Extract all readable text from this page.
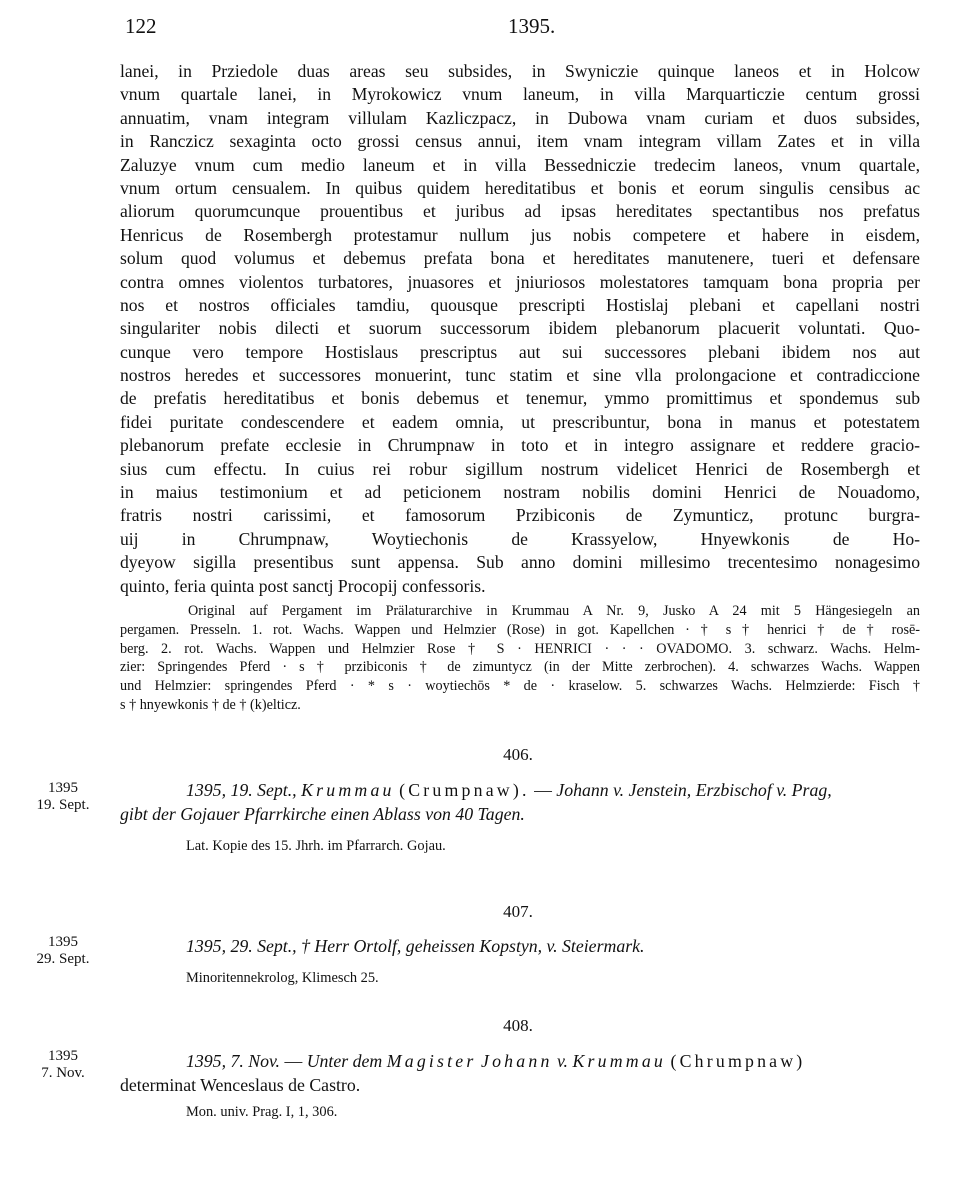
122	1395.
lanei, in Prziedole duas areas seu subsides, in Swyniczie quinque laneos et in Holcow
vnum quartale lanei, in Myrokowicz vnum laneum, in villa Marquarticzie centum grossi
annuatim, vnam integram villulam Kazliczpacz, in Dubowa vnam curiam et duos subsides,
in Ranczicz sexaginta octo grossi census annui, item vnam integram villam Zates et in villa
Zaluzye vnum cum medio laneum et in villa Bessedniczie tredecim laneos, vnum quartale,
vnum ortum censualem. In quibus quidem hereditatibus et bonis et eorum singulis censibus ac
aliorum quorumcunque prouentibus et juribus ad ipsas hereditates spectantibus nos prefatus
Henricus de Rosembergh protestamur nullum jus nobis competere et habere in eisdem,
solum quod volumus et debemus prefata bona et hereditates manutenere, tueri et defensare
contra omnes violentos turbatores, jnuasores et jniuriosos molestatores tamquam bona propria per
nos et nostros officiales tamdiu, quousque prescripti Hostislaj plebani et capellani nostri
singulariter nobis dilecti et suorum successorum ibidem plebanorum placuerit voluntati. Quo-
cunque vero tempore Hostislaus prescriptus aut sui successores plebani ibidem nos aut
nostros heredes et successores monuerint, tunc statim et sine vlla prolongacione et contradiccione
de prefatis hereditatibus et bonis debemus et tenemur, ymmo promittimus et spondemus sub
fidei puritate condescendere et eadem omnia, ut prescribuntur, bona in manus et potestatem
plebanorum prefate ecclesie in Chrumpnaw in toto et in integro assignare et reddere gracio-
sius cum effectu. In cuius rei robur sigillum nostrum videlicet Henrici de Rosembergh et
in maius testimonium et ad peticionem nostram nobilis domini Henrici de Nouadomo,
fratris nostri carissimi, et famosorum Przibiconis de Zymunticz, protunc burgra-
uij in Chrumpnaw, Woytiechonis de Krassyelow, Hnyewkonis de Ho-
dyeyow sigilla presentibus sunt appensa. Sub anno domini millesimo trecentesimo nonagesimo
quinto, feria quinta post sanctj Procopij confessoris.
Original auf Pergament im Prälaturarchive in Krummau A Nr. 9, Jusko A 24 mit 5 Hängesiegeln an
pergamen. Presseln. 1. rot. Wachs. Wappen und Helmzier (Rose) in got. Kapellchen · † s † henrici † de † rosē-
berg. 2. rot. Wachs. Wappen und Helmzier Rose † S · HENRICI · · · OVADOMO. 3. schwarz. Wachs. Helm-
zier: Springendes Pferd · s † przibiconis † de zimuntycz (in der Mitte zerbrochen). 4. schwarzes Wachs. Wappen
und Helmzier: springendes Pferd · * s · woytiechōs * de · kraselow. 5. schwarzes Wachs. Helmzierde: Fisch †
s † hnyewkonis † de † (k)elticz.
406.
1395
19. Sept.
1395, 19. Sept., Krummau (Crumpnaw). — Johann v. Jenstein, Erzbischof v. Prag,
gibt der Gojauer Pfarrkirche einen Ablass von 40 Tagen.
Lat. Kopie des 15. Jhrh. im Pfarrarch. Gojau.
407.
1395
29. Sept.
1395, 29. Sept., † Herr Ortolf, geheissen Kopstyn, v. Steiermark.
Minoritennekrolog, Klimesch 25.
408.
1395
7. Nov.
1395, 7. Nov. — Unter dem Magister Johann v. Krummau (Chrumpnaw)
determinat Wenceslaus de Castro.
Mon. univ. Prag. I, 1, 306.
